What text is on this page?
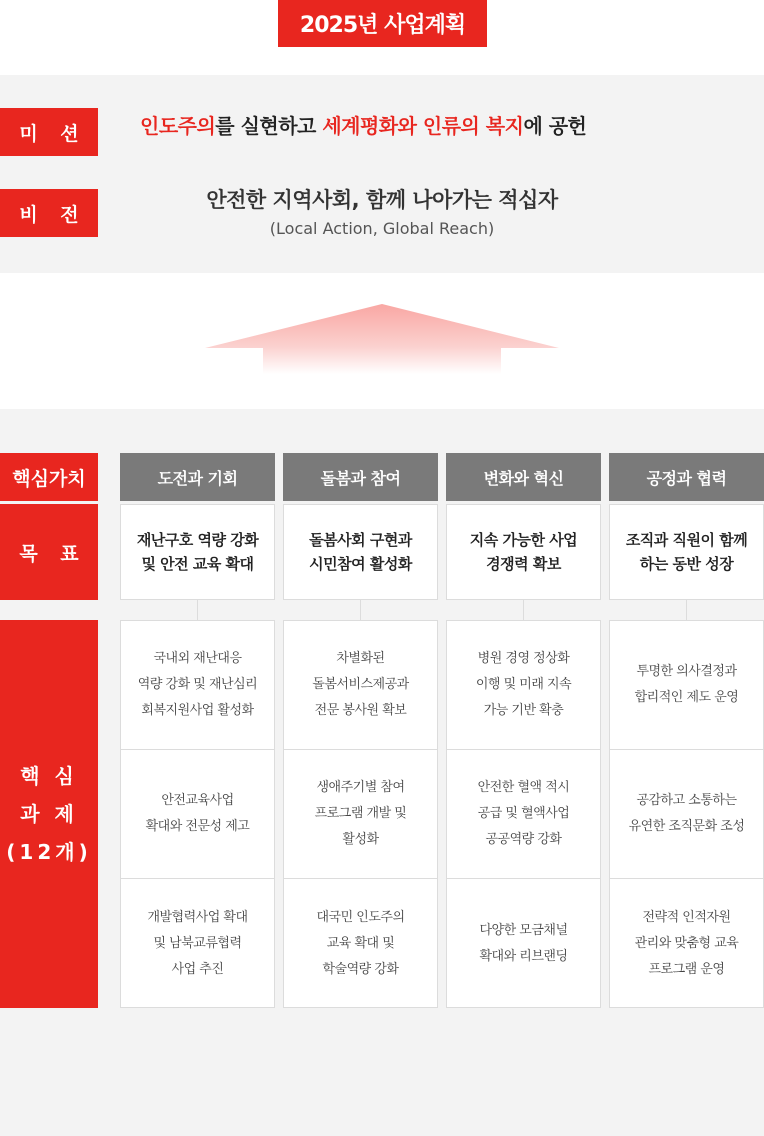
2025년 사업계획
미 션	인도주의를 실현하고 세계평화와 인류의 복지에 공헌
비 전
안전한 지역사회, 함께 나아가는 적십자
(Local Action, Global Reach)
핵심가치
목 표
핵 심
과 제
(12개)
도전과 기회
재난구호 역량 강화
및 안전 교육 확대
국내외 재난대응
역량 강화 및 재난심리
회복지원사업 활성화
안전교육사업
확대와 전문성 제고
개발협력사업 확대
및 남북교류협력
사업 추진
돌봄과 참여
돌봄사회 구현과
시민참여 활성화
차별화된
돌봄서비스제공과
전문 봉사원 확보
생애주기별 참여
프로그램 개발 및
활성화
대국민 인도주의
교육 확대 및
학술역량 강화
변화와 혁신
지속 가능한 사업
경쟁력 확보
병원 경영 정상화
이행 및 미래 지속
가능 기반 확충
안전한 혈액 적시
공급 및 혈액사업
공공역량 강화
다양한 모금채널
확대와 리브랜딩
공정과 협력
조직과 직원이 함께
하는 동반 성장
투명한 의사결정과
합리적인 제도 운영
공감하고 소통하는
유연한 조직문화 조성
전략적 인적자원
관리와 맞춤형 교육
프로그램 운영
